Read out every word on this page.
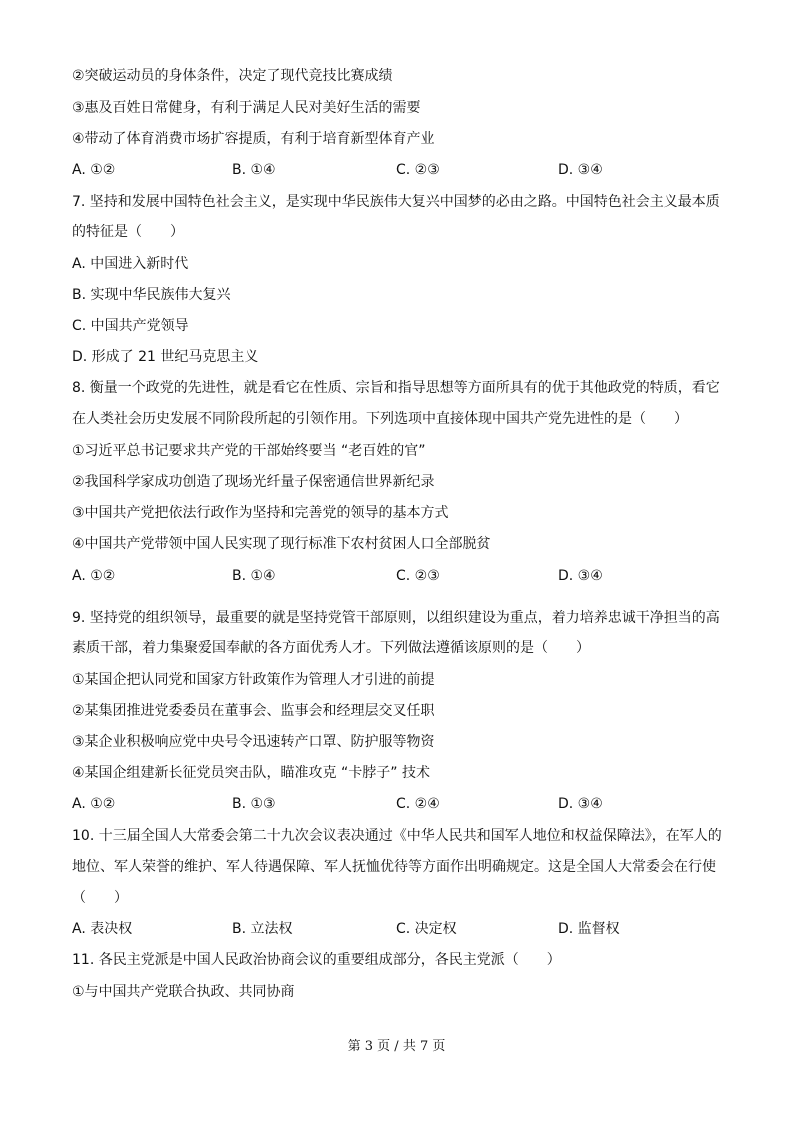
②突破运动员的身体条件，决定了现代竞技比赛成绩
③惠及百姓日常健身，有利于满足人民对美好生活的需要
④带动了体育消费市场扩容提质，有利于培育新型体育产业
A. ①②	B. ①④	C. ②③	D. ③④
7. 坚持和发展中国特色社会主义，是实现中华民族伟大复兴中国梦的必由之路。中国特色社会主义最本质
的特征是（　　）
A. 中国进入新时代
B. 实现中华民族伟大复兴
C. 中国共产党领导
D. 形成了 21 世纪马克思主义
8. 衡量一个政党的先进性，就是看它在性质、宗旨和指导思想等方面所具有的优于其他政党的特质，看它
在人类社会历史发展不同阶段所起的引领作用。下列选项中直接体现中国共产党先进性的是（　　）
①习近平总书记要求共产党的干部始终要当 “老百姓的官”
②我国科学家成功创造了现场光纤量子保密通信世界新纪录
③中国共产党把依法行政作为坚持和完善党的领导的基本方式
④中国共产党带领中国人民实现了现行标准下农村贫困人口全部脱贫
A. ①②	B. ①④	C. ②③	D. ③④
9. 坚持党的组织领导，最重要的就是坚持党管干部原则，以组织建设为重点，着力培养忠诚干净担当的高
素质干部，着力集聚爱国奉献的各方面优秀人才。下列做法遵循该原则的是（　　）
①某国企把认同党和国家方针政策作为管理人才引进的前提
②某集团推进党委委员在董事会、监事会和经理层交叉任职
③某企业积极响应党中央号令迅速转产口罩、防护服等物资
④某国企组建新长征党员突击队，瞄准攻克 “卡脖子” 技术
A. ①②	B. ①③	C. ②④	D. ③④
10. 十三届全国人大常委会第二十九次会议表决通过《中华人民共和国军人地位和权益保障法》，在军人的
地位、军人荣誉的维护、军人待遇保障、军人抚恤优待等方面作出明确规定。这是全国人大常委会在行使
（　　）
A. 表决权	B. 立法权	C. 决定权	D. 监督权
11. 各民主党派是中国人民政治协商会议的重要组成部分，各民主党派（　　）
①与中国共产党联合执政、共同协商
第 3 页 / 共 7 页
